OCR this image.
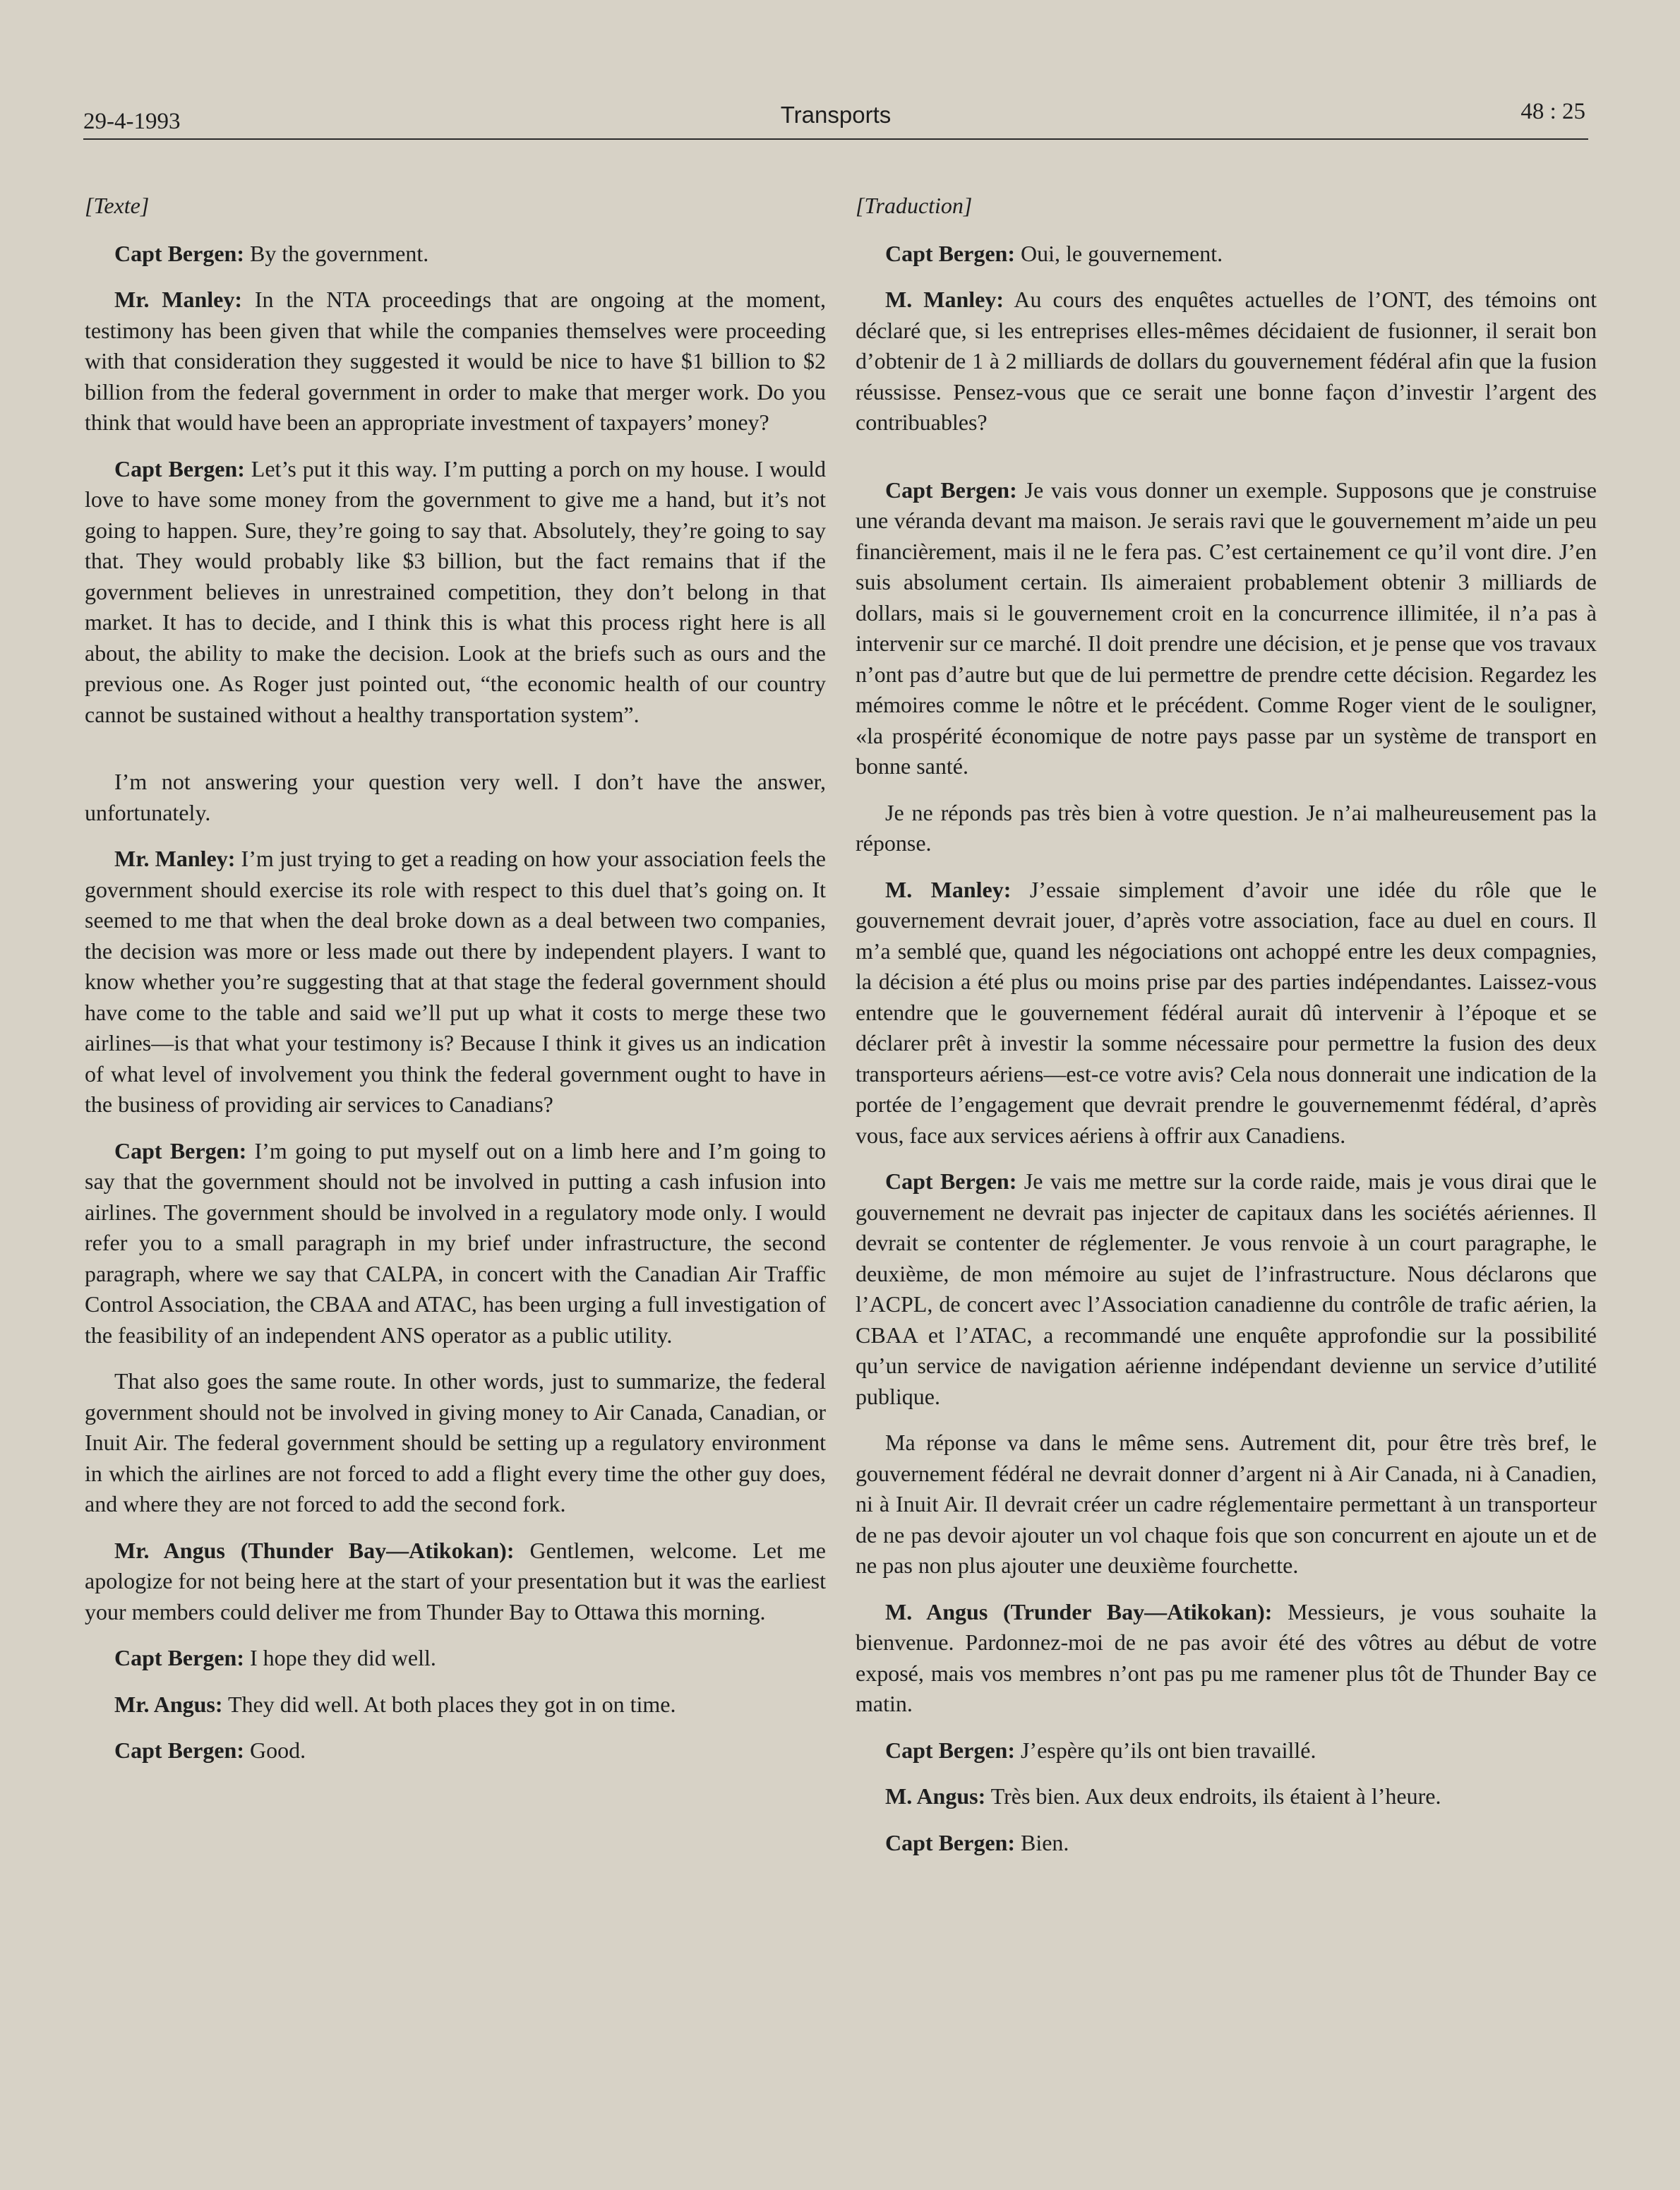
29-4-1993	Transports	48 : 25

[Texte]

Capt Bergen: By the government.

Mr. Manley: In the NTA proceedings that are ongoing at the moment, testimony has been given that while the companies themselves were proceeding with that consideration they suggested it would be nice to have $1 billion to $2 billion from the federal government in order to make that merger work. Do you think that would have been an appropriate investment of taxpayers’ money?

Capt Bergen: Let’s put it this way. I’m putting a porch on my house. I would love to have some money from the government to give me a hand, but it’s not going to happen. Sure, they’re going to say that. Absolutely, they’re going to say that. They would probably like $3 billion, but the fact remains that if the government believes in unrestrained competition, they don’t belong in that market. It has to decide, and I think this is what this process right here is all about, the ability to make the decision. Look at the briefs such as ours and the previous one. As Roger just pointed out, “the economic health of our country cannot be sustained without a healthy transportation system”.

I’m not answering your question very well. I don’t have the answer, unfortunately.

Mr. Manley: I’m just trying to get a reading on how your association feels the government should exercise its role with respect to this duel that’s going on. It seemed to me that when the deal broke down as a deal between two companies, the decision was more or less made out there by independent players. I want to know whether you’re suggesting that at that stage the federal government should have come to the table and said we’ll put up what it costs to merge these two airlines—is that what your testimony is? Because I think it gives us an indication of what level of involvement you think the federal government ought to have in the business of providing air services to Canadians?

Capt Bergen: I’m going to put myself out on a limb here and I’m going to say that the government should not be involved in putting a cash infusion into airlines. The government should be involved in a regulatory mode only. I would refer you to a small paragraph in my brief under infrastructure, the second paragraph, where we say that CALPA, in concert with the Canadian Air Traffic Control Association, the CBAA and ATAC, has been urging a full investigation of the feasibility of an independent ANS operator as a public utility.

That also goes the same route. In other words, just to summarize, the federal government should not be involved in giving money to Air Canada, Canadian, or Inuit Air. The federal government should be setting up a regulatory environment in which the airlines are not forced to add a flight every time the other guy does, and where they are not forced to add the second fork.

Mr. Angus (Thunder Bay—Atikokan): Gentlemen, welcome. Let me apologize for not being here at the start of your presentation but it was the earliest your members could deliver me from Thunder Bay to Ottawa this morning.

Capt Bergen: I hope they did well.

Mr. Angus: They did well. At both places they got in on time.

Capt Bergen: Good.

[Traduction]

Capt Bergen: Oui, le gouvernement.

M. Manley: Au cours des enquêtes actuelles de l’ONT, des témoins ont déclaré que, si les entreprises elles-mêmes décidaient de fusionner, il serait bon d’obtenir de 1 à 2 milliards de dollars du gouvernement fédéral afin que la fusion réussisse. Pensez-vous que ce serait une bonne façon d’investir l’argent des contribuables?

Capt Bergen: Je vais vous donner un exemple. Supposons que je construise une véranda devant ma maison. Je serais ravi que le gouvernement m’aide un peu financièrement, mais il ne le fera pas. C’est certainement ce qu’il vont dire. J’en suis absolument certain. Ils aimeraient probablement obtenir 3 milliards de dollars, mais si le gouvernement croit en la concurrence illimitée, il n’a pas à intervenir sur ce marché. Il doit prendre une décision, et je pense que vos travaux n’ont pas d’autre but que de lui permettre de prendre cette décision. Regardez les mémoires comme le nôtre et le précédent. Comme Roger vient de le souligner, «la prospérité économique de notre pays passe par un système de transport en bonne santé.

Je ne réponds pas très bien à votre question. Je n’ai malheureusement pas la réponse.

M. Manley: J’essaie simplement d’avoir une idée du rôle que le gouvernement devrait jouer, d’après votre association, face au duel en cours. Il m’a semblé que, quand les négociations ont achoppé entre les deux compagnies, la décision a été plus ou moins prise par des parties indépendantes. Laissez-vous entendre que le gouvernement fédéral aurait dû intervenir à l’époque et se déclarer prêt à investir la somme nécessaire pour permettre la fusion des deux transporteurs aériens—est-ce votre avis? Cela nous donnerait une indication de la portée de l’engagement que devrait prendre le gouvernemenmt fédéral, d’après vous, face aux services aériens à offrir aux Canadiens.

Capt Bergen: Je vais me mettre sur la corde raide, mais je vous dirai que le gouvernement ne devrait pas injecter de capitaux dans les sociétés aériennes. Il devrait se contenter de réglementer. Je vous renvoie à un court paragraphe, le deuxième, de mon mémoire au sujet de l’infrastructure. Nous déclarons que l’ACPL, de concert avec l’Association canadienne du contrôle de trafic aérien, la CBAA et l’ATAC, a recommandé une enquête approfondie sur la possibilité qu’un service de navigation aérienne indépendant devienne un service d’utilité publique.

Ma réponse va dans le même sens. Autrement dit, pour être très bref, le gouvernement fédéral ne devrait donner d’argent ni à Air Canada, ni à Canadien, ni à Inuit Air. Il devrait créer un cadre réglementaire permettant à un transporteur de ne pas devoir ajouter un vol chaque fois que son concurrent en ajoute un et de ne pas non plus ajouter une deuxième fourchette.

M. Angus (Trunder Bay—Atikokan): Messieurs, je vous souhaite la bienvenue. Pardonnez-moi de ne pas avoir été des vôtres au début de votre exposé, mais vos membres n’ont pas pu me ramener plus tôt de Thunder Bay ce matin.

Capt Bergen: J’espère qu’ils ont bien travaillé.

M. Angus: Très bien. Aux deux endroits, ils étaient à l’heure.

Capt Bergen: Bien.
